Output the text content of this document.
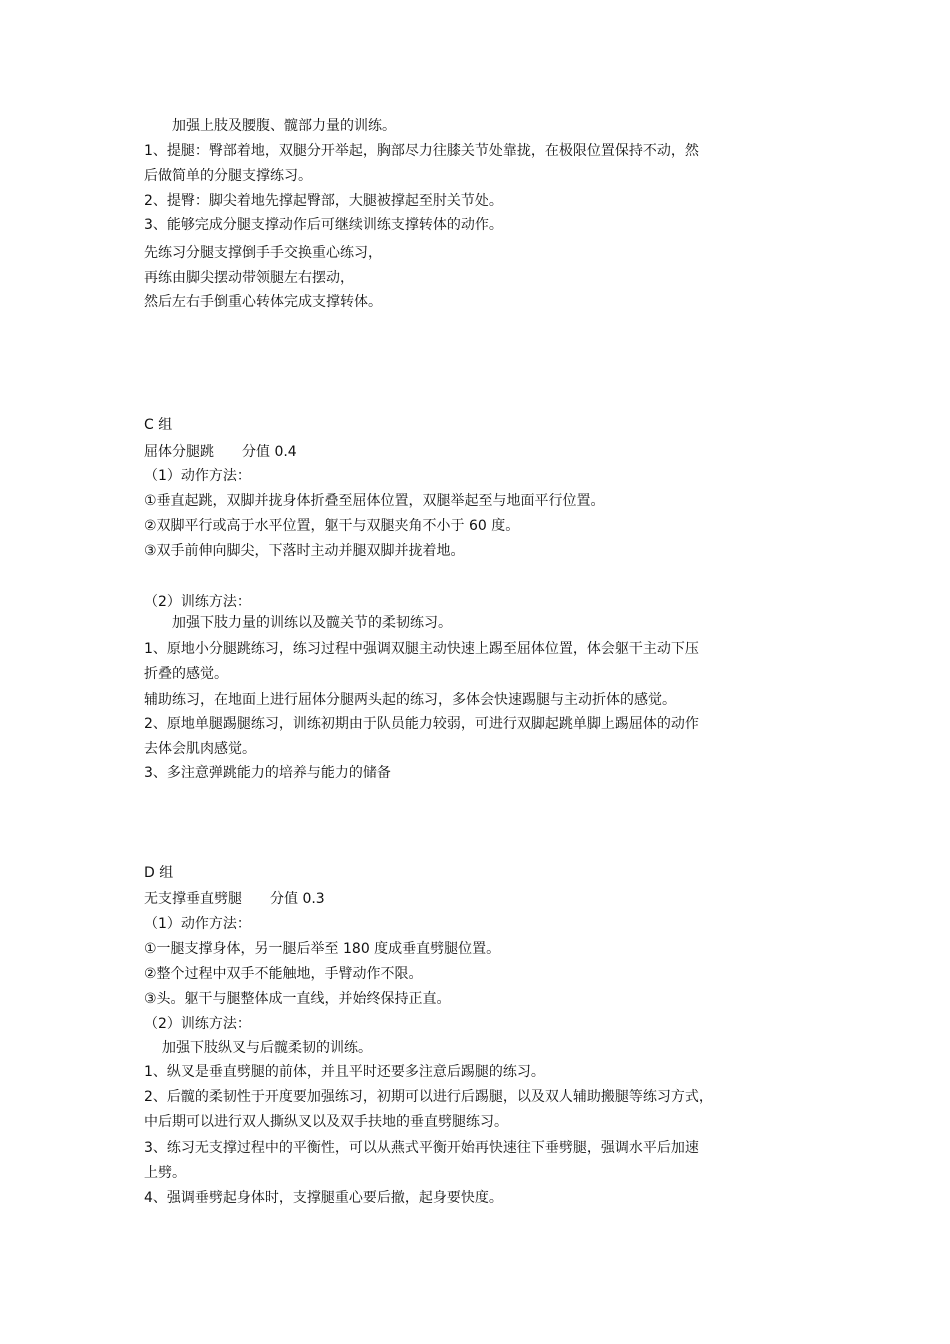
加强上肢及腰腹、髋部力量的训练。
1、提腿：臀部着地，双腿分开举起，胸部尽力往膝关节处靠拢，在极限位置保持不动，然
后做简单的分腿支撑练习。
2、提臀：脚尖着地先撑起臀部，大腿被撑起至肘关节处。
3、能够完成分腿支撑动作后可继续训练支撑转体的动作。
先练习分腿支撑倒手手交换重心练习，
再练由脚尖摆动带领腿左右摆动，
然后左右手倒重心转体完成支撑转体。
C 组
屈体分腿跳　　分值 0.4
（1）动作方法：
①垂直起跳，双脚并拢身体折叠至屈体位置，双腿举起至与地面平行位置。
②双脚平行或高于水平位置，躯干与双腿夹角不小于 60 度。
③双手前伸向脚尖，下落时主动并腿双脚并拢着地。
（2）训练方法：
加强下肢力量的训练以及髋关节的柔韧练习。
1、原地小分腿跳练习，练习过程中强调双腿主动快速上踢至屈体位置，体会躯干主动下压
折叠的感觉。
辅助练习，在地面上进行屈体分腿两头起的练习，多体会快速踢腿与主动折体的感觉。
2、原地单腿踢腿练习，训练初期由于队员能力较弱，可进行双脚起跳单脚上踢屈体的动作
去体会肌肉感觉。
3、多注意弹跳能力的培养与能力的储备
D 组
无支撑垂直劈腿　　分值 0.3
（1）动作方法：
①一腿支撑身体，另一腿后举至 180 度成垂直劈腿位置。
②整个过程中双手不能触地，手臂动作不限。
③头。躯干与腿整体成一直线，并始终保持正直。
（2）训练方法：
加强下肢纵叉与后髋柔韧的训练。
1、纵叉是垂直劈腿的前体，并且平时还要多注意后踢腿的练习。
2、后髋的柔韧性于开度要加强练习，初期可以进行后踢腿，以及双人辅助搬腿等练习方式，
中后期可以进行双人撕纵叉以及双手扶地的垂直劈腿练习。
3、练习无支撑过程中的平衡性，可以从燕式平衡开始再快速往下垂劈腿，强调水平后加速
上劈。
4、强调垂劈起身体时，支撑腿重心要后撤，起身要快度。
